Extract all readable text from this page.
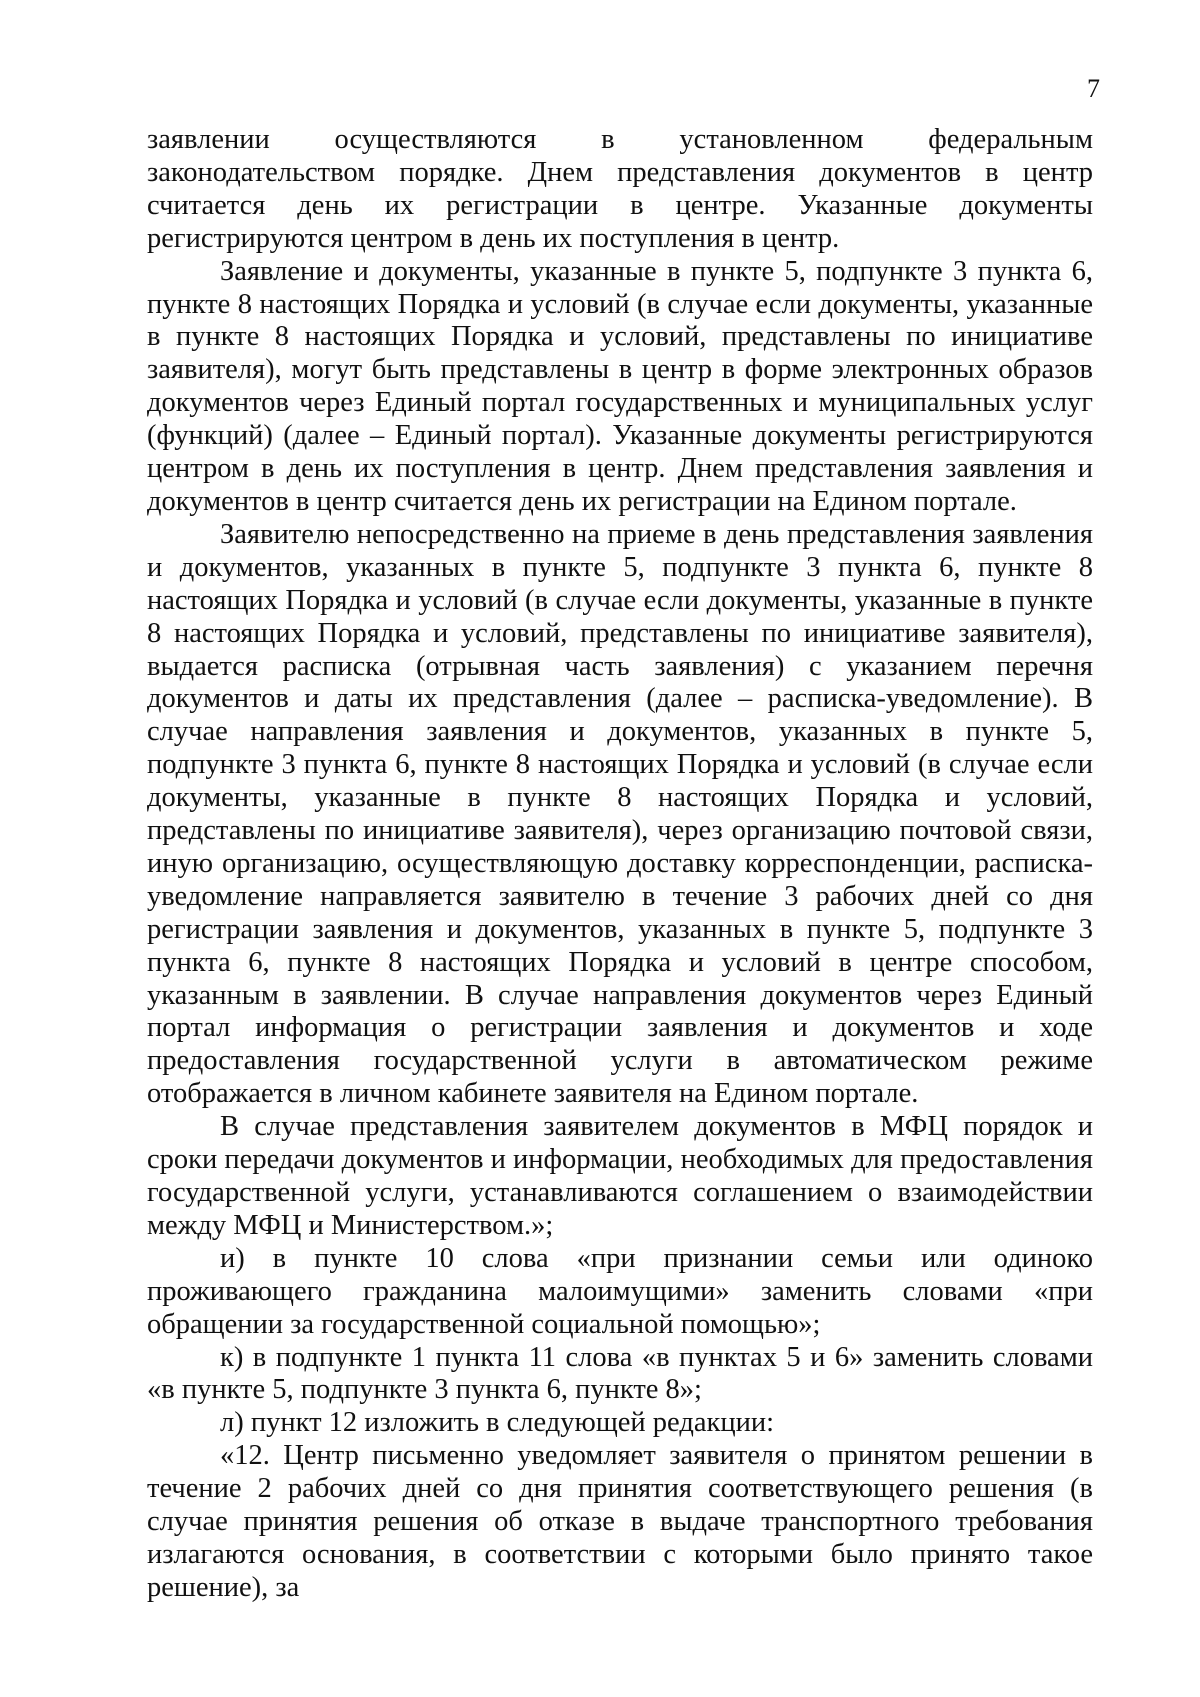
7

заявлении осуществляются в установленном федеральным законодательством порядке. Днем представления документов в центр считается день их регистрации в центре. Указанные документы регистрируются центром в день их поступления в центр.

Заявление и документы, указанные в пункте 5, подпункте 3 пункта 6, пункте 8 настоящих Порядка и условий (в случае если документы, указанные в пункте 8 настоящих Порядка и условий, представлены по инициативе заявителя), могут быть представлены в центр в форме электронных образов документов через Единый портал государственных и муниципальных услуг (функций) (далее – Единый портал). Указанные документы регистрируются центром в день их поступления в центр. Днем представления заявления и документов в центр считается день их регистрации на Едином портале.

Заявителю непосредственно на приеме в день представления заявления и документов, указанных в пункте 5, подпункте 3 пункта 6, пункте 8 настоящих Порядка и условий (в случае если документы, указанные в пункте 8 настоящих Порядка и условий, представлены по инициативе заявителя), выдается расписка (отрывная часть заявления) с указанием перечня документов и даты их представления (далее – расписка-уведомление). В случае направления заявления и документов, указанных в пункте 5, подпункте 3 пункта 6, пункте 8 настоящих Порядка и условий (в случае если документы, указанные в пункте 8 настоящих Порядка и условий, представлены по инициативе заявителя), через организацию почтовой связи, иную организацию, осуществляющую доставку корреспонденции, расписка-уведомление направляется заявителю в течение 3 рабочих дней со дня регистрации заявления и документов, указанных в пункте 5, подпункте 3 пункта 6, пункте 8 настоящих Порядка и условий в центре способом, указанным в заявлении. В случае направления документов через Единый портал информация о регистрации заявления и документов и ходе предоставления государственной услуги в автоматическом режиме отображается в личном кабинете заявителя на Едином портале.

В случае представления заявителем документов в МФЦ порядок и сроки передачи документов и информации, необходимых для предоставления государственной услуги, устанавливаются соглашением о взаимодействии между МФЦ и Министерством.»;

и) в пункте 10 слова «при признании семьи или одиноко проживающего гражданина малоимущими» заменить словами «при обращении за государственной социальной помощью»;

к) в подпункте 1 пункта 11 слова «в пунктах 5 и 6» заменить словами «в пункте 5, подпункте 3 пункта 6, пункте 8»;

л) пункт 12 изложить в следующей редакции:

«12. Центр письменно уведомляет заявителя о принятом решении в течение 2 рабочих дней со дня принятия соответствующего решения (в случае принятия решения об отказе в выдаче транспортного требования излагаются основания, в соответствии с которыми было принято такое решение), за
